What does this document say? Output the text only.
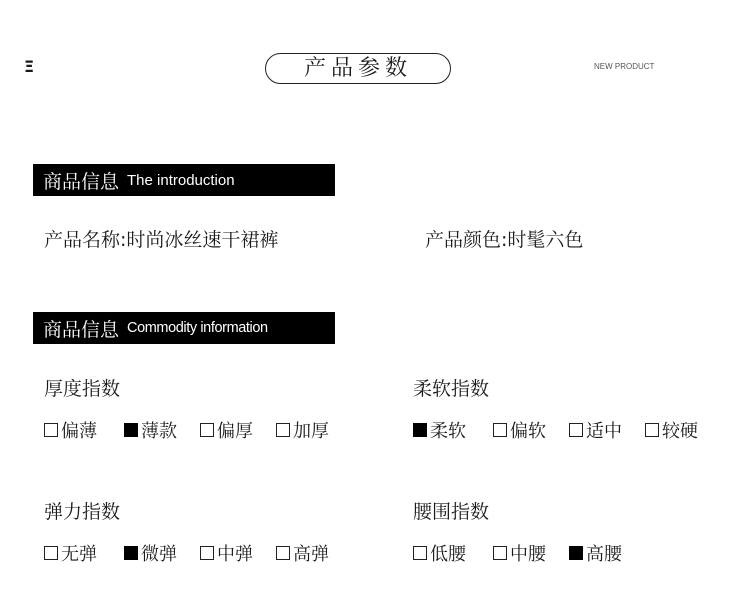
Ξ	产品参数	NEW PRODUCT
商品信息 The introduction
产品名称:时尚冰丝速干裙裤	产品颜色:时髦六色
商品信息 Commodity information
厚度指数
偏薄 薄款 偏厚 加厚
柔软指数
柔软 偏软 适中 较硬
弹力指数
无弹 微弹 中弹 高弹
腰围指数
低腰 中腰 高腰
